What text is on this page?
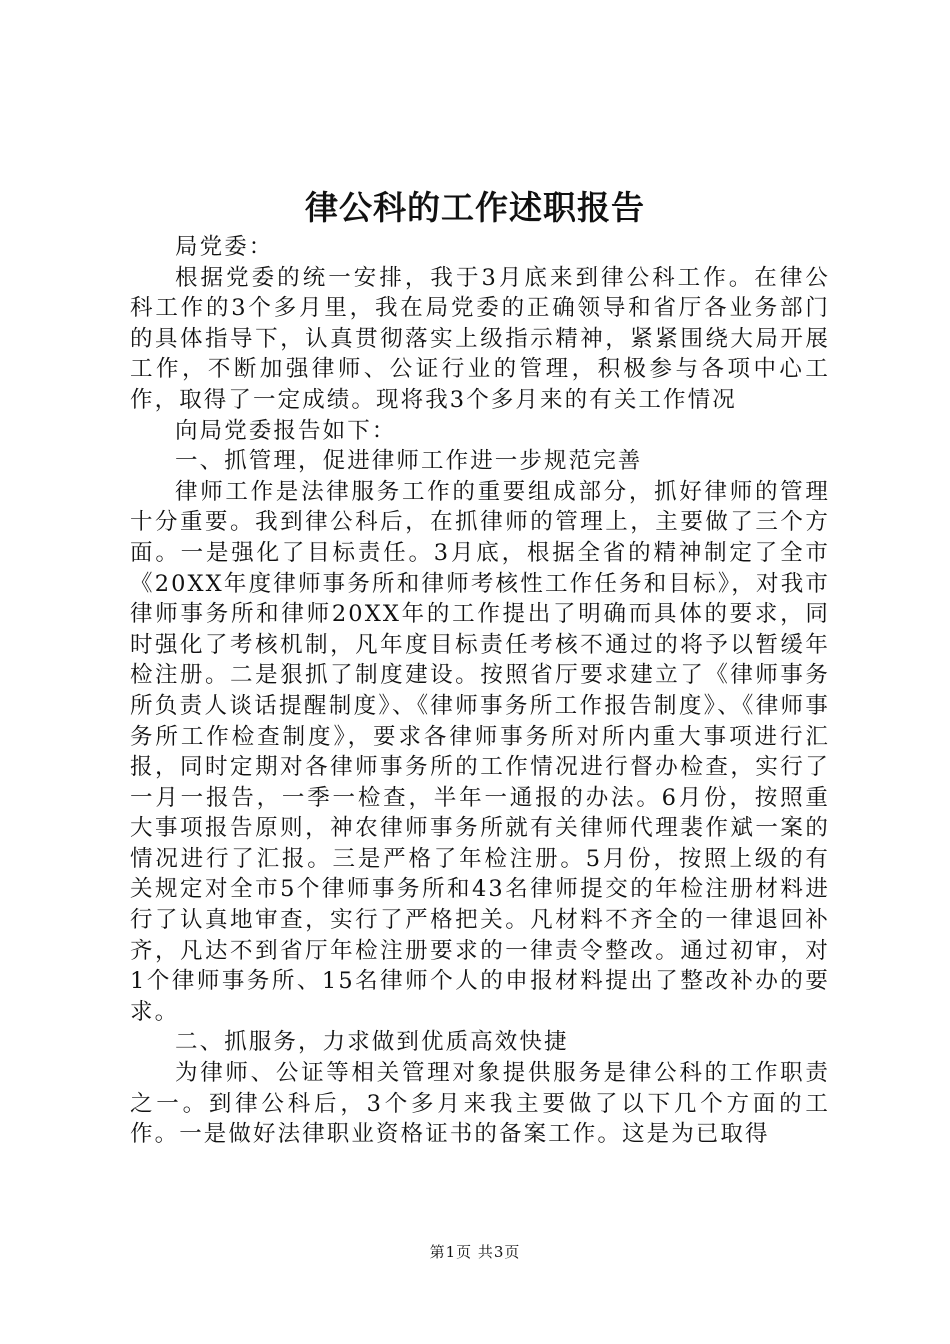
律公科的工作述职报告

局党委：

根据党委的统一安排，我于3月底来到律公科工作。在律公科工作的3个多月里，我在局党委的正确领导和省厅各业务部门的具体指导下，认真贯彻落实上级指示精神，紧紧围绕大局开展工作，不断加强律师、公证行业的管理，积极参与各项中心工作，取得了一定成绩。现将我3个多月来的有关工作情况

向局党委报告如下：

一、抓管理，促进律师工作进一步规范完善

律师工作是法律服务工作的重要组成部分，抓好律师的管理十分重要。我到律公科后，在抓律师的管理上，主要做了三个方面。一是强化了目标责任。3月底，根据全省的精神制定了全市《20XX年度律师事务所和律师考核性工作任务和目标》，对我市律师事务所和律师20XX年的工作提出了明确而具体的要求，同时强化了考核机制，凡年度目标责任考核不通过的将予以暂缓年检注册。二是狠抓了制度建设。按照省厅要求建立了《律师事务所负责人谈话提醒制度》、《律师事务所工作报告制度》、《律师事务所工作检查制度》，要求各律师事务所对所内重大事项进行汇报，同时定期对各律师事务所的工作情况进行督办检查，实行了一月一报告，一季一检查，半年一通报的办法。6月份，按照重大事项报告原则，神农律师事务所就有关律师代理裴作斌一案的情况进行了汇报。三是严格了年检注册。5月份，按照上级的有关规定对全市5个律师事务所和43名律师提交的年检注册材料进行了认真地审查，实行了严格把关。凡材料不齐全的一律退回补齐，凡达不到省厅年检注册要求的一律责令整改。通过初审，对1个律师事务所、15名律师个人的申报材料提出了整改补办的要求。

二、抓服务，力求做到优质高效快捷

为律师、公证等相关管理对象提供服务是律公科的工作职责之一。到律公科后，3个多月来我主要做了以下几个方面的工作。一是做好法律职业资格证书的备案工作。这是为已取得

第1页 共3页
